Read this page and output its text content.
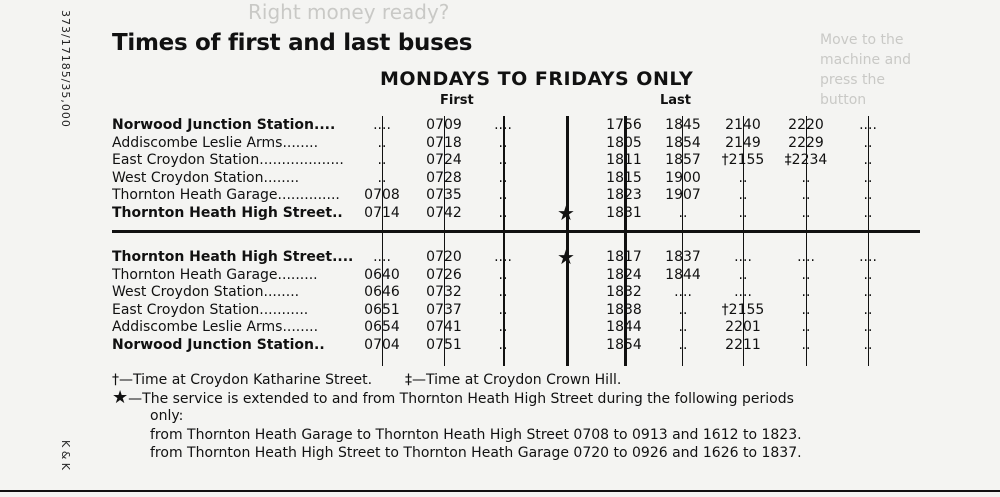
Right money ready?
Move to the
machine and
press the
button
373/17185/35,000
K & K
Times of first and last buses
MONDAYS TO FRIDAYS ONLY
First	Last
Norwood Junction Station....	....	0709	....	1756	1845	2140	2220	....
Addiscombe Leslie Arms........	..	0718	..	1805	1854	2149	2229	..
East Croydon Station...................	..	0724	..	1811	1857	†2155	‡2234	..
West Croydon Station........	..	0728	..	1815	1900	..	..	..
Thornton Heath Garage..............	0708	0735	..	1823	1907	..	..	..
Thornton Heath High Street..	0714	0742	..	★	1831	..	..	..	..
Thornton Heath High Street....	....	0720	....	★	1817	1837	....	....	....
Thornton Heath Garage.........	0640	0726	..	1824	1844	..	..	..
West Croydon Station........	0646	0732	..	1832	....	....	..	..
East Croydon Station...........	0651	0737	..	1838	..	†2155	..	..
Addiscombe Leslie Arms........	0654	0741	..	1844	..	2201	..	..
Norwood Junction Station..	0704	0751	..	1854	..	2211	..	..
†—Time at Croydon Katharine Street. ‡—Time at Croydon Crown Hill.
★—The service is extended to and from Thornton Heath High Street during the following periods
only:
from Thornton Heath Garage to Thornton Heath High Street 0708 to 0913 and 1612 to 1823.
from Thornton Heath High Street to Thornton Heath Garage 0720 to 0926 and 1626 to 1837.
